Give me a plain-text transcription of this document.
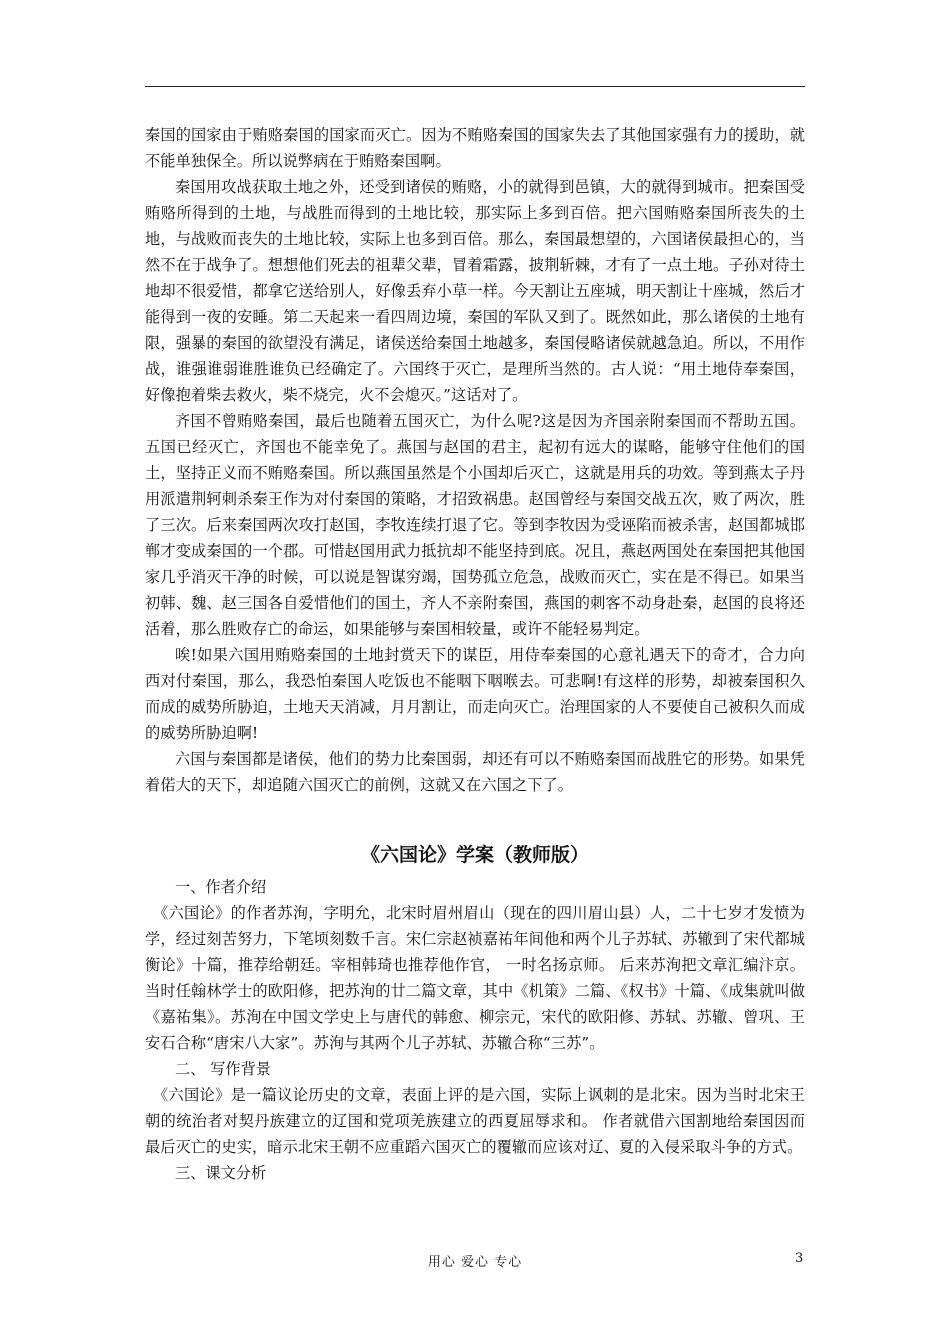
秦国的国家由于贿赂秦国的国家而灭亡。因为不贿赂秦国的国家失去了其他国家强有力的援助，就不能单独保全。所以说弊病在于贿赂秦国啊。

秦国用攻战获取土地之外，还受到诸侯的贿赂，小的就得到邑镇，大的就得到城市。把秦国受贿赂所得到的土地，与战胜而得到的土地比较，那实际上多到百倍。把六国贿赂秦国所丧失的土地，与战败而丧失的土地比较，实际上也多到百倍。那么，秦国最想望的，六国诸侯最担心的，当然不在于战争了。想想他们死去的祖辈父辈，冒着霜露，披荆斩棘，才有了一点土地。子孙对待土地却不很爱惜，都拿它送给别人，好像丢弃小草一样。今天割让五座城，明天割让十座城，然后才能得到一夜的安睡。第二天起来一看四周边境，秦国的军队又到了。既然如此，那么诸侯的土地有限，强暴的秦国的欲望没有满足，诸侯送给秦国土地越多，秦国侵略诸侯就越急迫。所以，不用作战，谁强谁弱谁胜谁负已经确定了。六国终于灭亡，是理所当然的。古人说：“用土地侍奉秦国，好像抱着柴去救火，柴不烧完，火不会熄灭。”这话对了。

齐国不曾贿赂秦国，最后也随着五国灭亡，为什么呢?这是因为齐国亲附秦国而不帮助五国。五国已经灭亡，齐国也不能幸免了。燕国与赵国的君主，起初有远大的谋略，能够守住他们的国土，坚持正义而不贿赂秦国。所以燕国虽然是个小国却后灭亡，这就是用兵的功效。等到燕太子丹用派遣荆轲刺杀秦王作为对付秦国的策略，才招致祸患。赵国曾经与秦国交战五次，败了两次，胜了三次。后来秦国两次攻打赵国，李牧连续打退了它。等到李牧因为受诬陷而被杀害，赵国都城邯郸才变成秦国的一个郡。可惜赵国用武力抵抗却不能坚持到底。况且，燕赵两国处在秦国把其他国家几乎消灭干净的时候，可以说是智谋穷竭，国势孤立危急，战败而灭亡，实在是不得已。如果当初韩、魏、赵三国各自爱惜他们的国土，齐人不亲附秦国，燕国的刺客不动身赴秦，赵国的良将还活着，那么胜败存亡的命运，如果能够与秦国相较量，或许不能轻易判定。

唉!如果六国用贿赂秦国的土地封赏天下的谋臣，用侍奉秦国的心意礼遇天下的奇才，合力向西对付秦国，那么，我恐怕秦国人吃饭也不能咽下咽喉去。可悲啊!有这样的形势，却被秦国积久而成的威势所胁迫，土地天天消减，月月割让，而走向灭亡。治理国家的人不要使自己被积久而成的威势所胁迫啊!

六国与秦国都是诸侯，他们的势力比秦国弱，却还有可以不贿赂秦国而战胜它的形势。如果凭着偌大的天下，却追随六国灭亡的前例，这就又在六国之下了。

《六国论》学案（教师版）

一、作者介绍

《六国论》的作者苏洵，字明允，北宋时眉州眉山（现在的四川眉山县）人，二十七岁才发愤为学，经过刻苦努力，下笔顷刻数千言。宋仁宗赵祯嘉祐年间他和两个儿子苏轼、苏辙到了宋代都城衡论》十篇，推荐给朝廷。宰相韩琦也推荐他作官， 一时名扬京师。 后来苏洵把文章汇编汴京。当时任翰林学士的欧阳修，把苏洵的廿二篇文章，其中《机策》二篇、《权书》十篇、《成集就叫做《嘉祐集》。苏洵在中国文学史上与唐代的韩愈、柳宗元，宋代的欧阳修、苏轼、苏辙、曾巩、王安石合称“唐宋八大家”。苏洵与其两个儿子苏轼、苏辙合称“三苏”。

二、 写作背景

《六国论》是一篇议论历史的文章，表面上评的是六国，实际上讽刺的是北宋。因为当时北宋王朝的统治者对契丹族建立的辽国和党项羌族建立的西夏屈辱求和。 作者就借六国割地给秦国因而最后灭亡的史实，暗示北宋王朝不应重蹈六国灭亡的覆辙而应该对辽、夏的入侵采取斗争的方式。

三、课文分析

用心 爱心 专心	3
